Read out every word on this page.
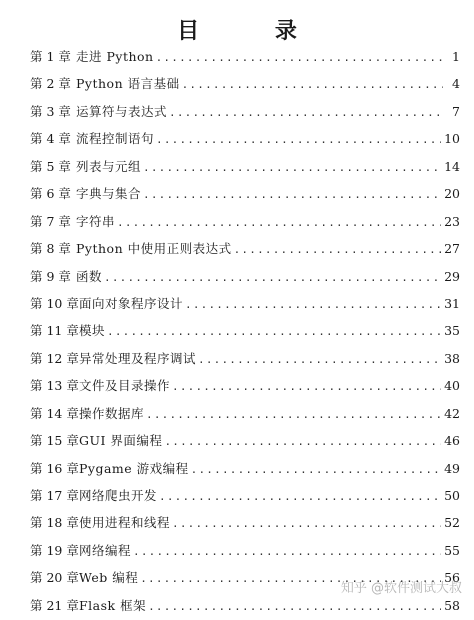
目 录
第 1 章 走进 Python .....	1
第 2 章 Python 语言基础 .....	4
第 3 章 运算符与表达式 .....	7
第 4 章 流程控制语句 .....	10
第 5 章 列表与元组 .....	14
第 6 章 字典与集合 .....	20
第 7 章 字符串 .....	23
第 8 章 Python 中使用正则表达式 .....	27
第 9 章 函数 .....	29
第 10 章 面向对象程序设计 .....	31
第 11 章 模块 .....	35
第 12 章 异常处理及程序调试 .....	38
第 13 章 文件及目录操作 .....	40
第 14 章 操作数据库 .....	42
第 15 章 GUI 界面编程 .....	46
第 16 章 Pygame 游戏编程 .....	49
第 17 章 网络爬虫开发 .....	50
第 18 章 使用进程和线程 .....	52
第 19 章 网络编程 .....	55
第 20 章 Web 编程 .....	56
第 21 章 Flask 框架 .....	58
知乎 @软件测试大叔
